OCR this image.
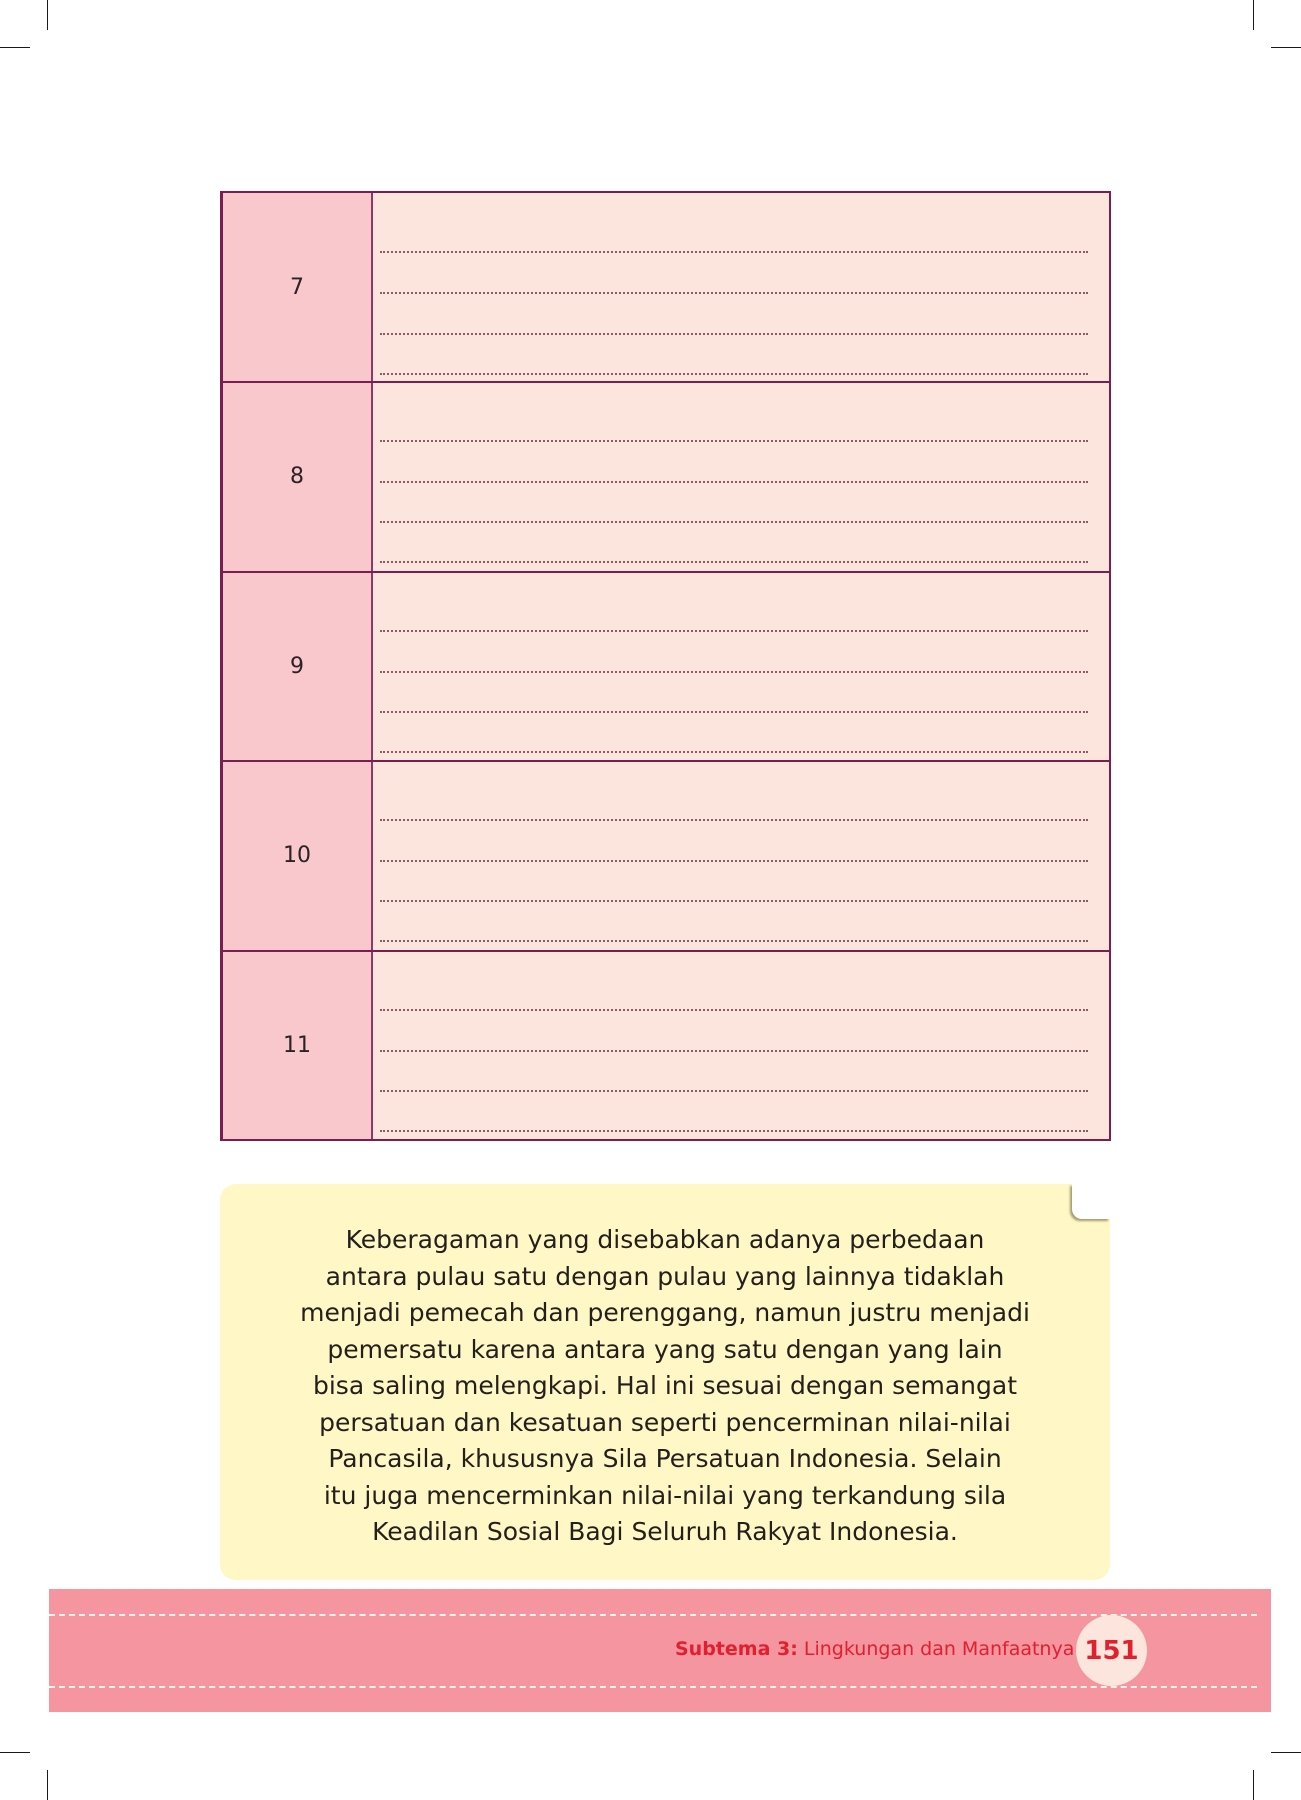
7
8
9
10
11
Keberagaman yang disebabkan adanya perbedaan
antara pulau satu dengan pulau yang lainnya tidaklah
menjadi pemecah dan perenggang, namun justru menjadi
pemersatu karena antara yang satu dengan yang lain
bisa saling melengkapi. Hal ini sesuai dengan semangat
persatuan dan kesatuan seperti pencerminan nilai-nilai
Pancasila, khususnya Sila Persatuan Indonesia. Selain
itu juga mencerminkan nilai-nilai yang terkandung sila
Keadilan Sosial Bagi Seluruh Rakyat Indonesia.
Subtema 3: Lingkungan dan Manfaatnya 151
